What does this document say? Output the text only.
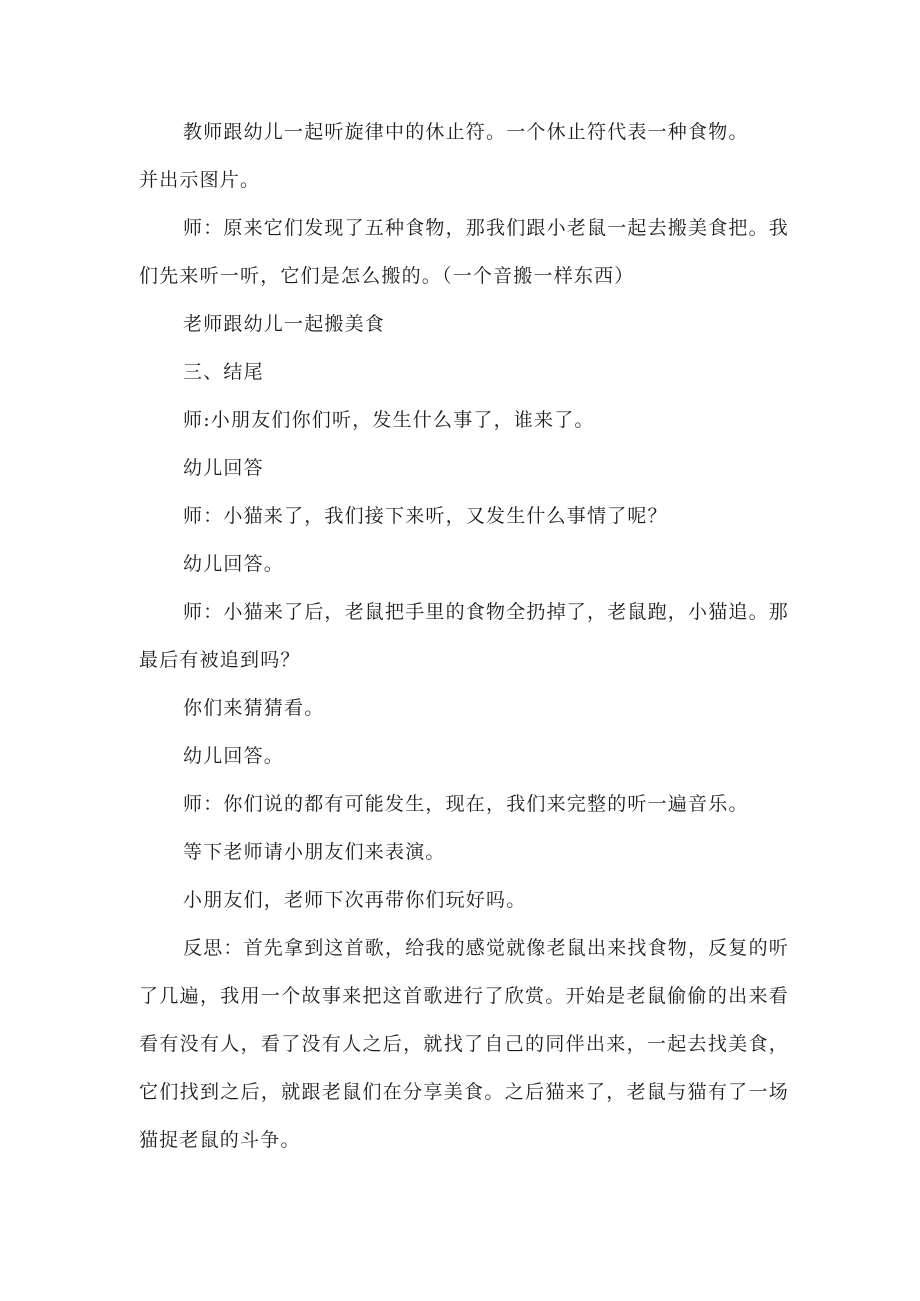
教师跟幼儿一起听旋律中的休止符。一个休止符代表一种食物。

并出示图片。

师：原来它们发现了五种食物，那我们跟小老鼠一起去搬美食把。我们先来听一听，它们是怎么搬的。（一个音搬一样东西）

老师跟幼儿一起搬美食

三、结尾

师:小朋友们你们听，发生什么事了，谁来了。

幼儿回答

师：小猫来了，我们接下来听，又发生什么事情了呢？

幼儿回答。

师：小猫来了后，老鼠把手里的食物全扔掉了，老鼠跑，小猫追。那最后有被追到吗？

你们来猜猜看。

幼儿回答。

师：你们说的都有可能发生，现在，我们来完整的听一遍音乐。

等下老师请小朋友们来表演。

小朋友们，老师下次再带你们玩好吗。

反思：首先拿到这首歌，给我的感觉就像老鼠出来找食物，反复的听了几遍，我用一个故事来把这首歌进行了欣赏。开始是老鼠偷偷的出来看看有没有人，看了没有人之后，就找了自己的同伴出来，一起去找美食，它们找到之后，就跟老鼠们在分享美食。之后猫来了，老鼠与猫有了一场猫捉老鼠的斗争。
